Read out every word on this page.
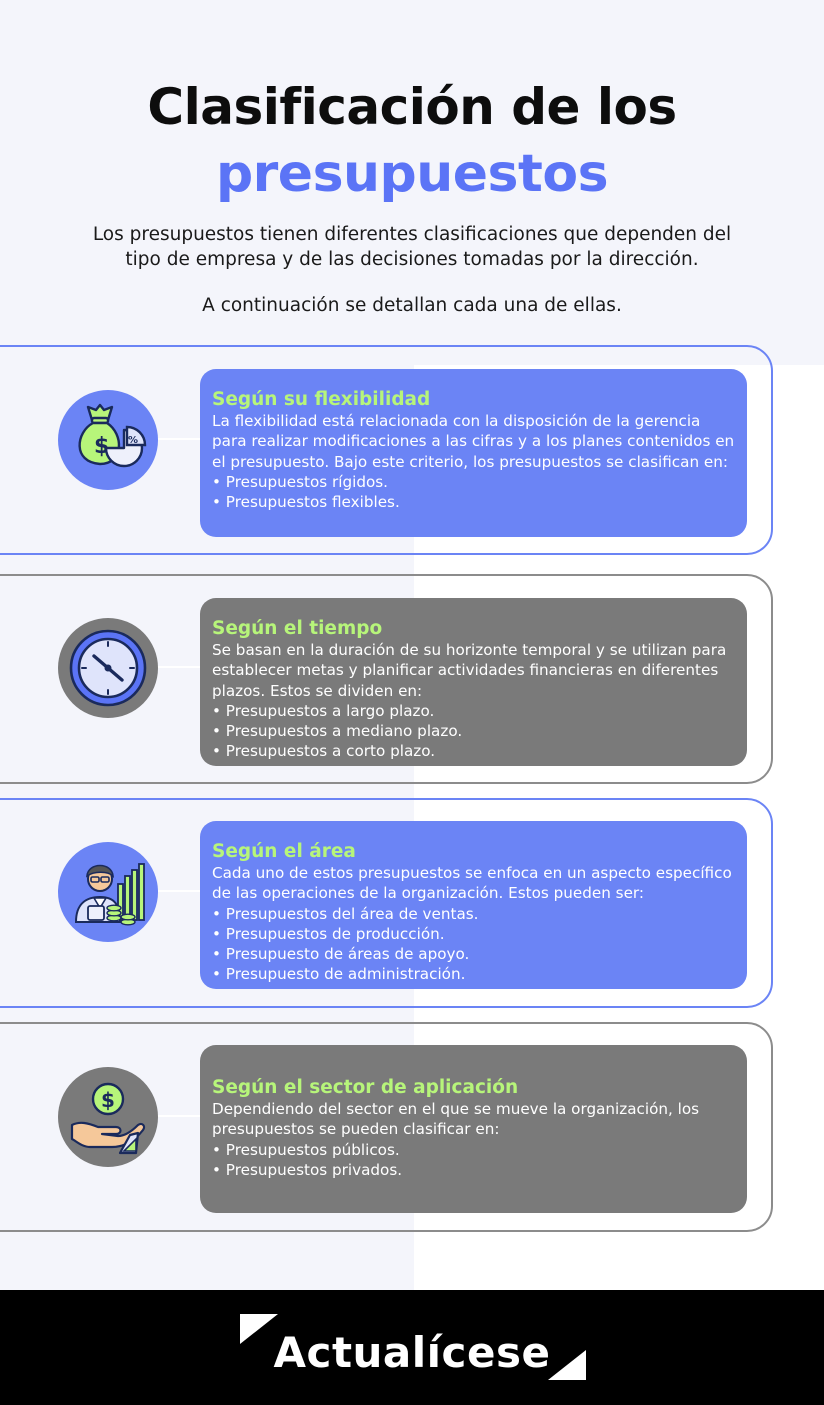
Clasificación de los
presupuestos

Los presupuestos tienen diferentes clasificaciones que dependen del tipo de empresa y de las decisiones tomadas por la dirección.

A continuación se detallan cada una de ellas.

$ %
Según su flexibilidad

La flexibilidad está relacionada con la disposición de la gerencia para realizar modificaciones a las cifras y a los planes contenidos en el presupuesto. Bajo este criterio, los presupuestos se clasifican en:

• Presupuestos rígidos.
• Presupuestos flexibles.
Según el tiempo

Se basan en la duración de su horizonte temporal y se utilizan para establecer metas y planificar actividades financieras en diferentes plazos. Estos se dividen en:

• Presupuestos a largo plazo.
• Presupuestos a mediano plazo.
• Presupuestos a corto plazo.
Según el área

Cada uno de estos presupuestos se enfoca en un aspecto específico de las operaciones de la organización. Estos pueden ser:

• Presupuestos del área de ventas.
• Presupuestos de producción.
• Presupuesto de áreas de apoyo.
• Presupuesto de administración.
$
Según el sector de aplicación

Dependiendo del sector en el que se mueve la organización, los presupuestos se pueden clasificar en:

• Presupuestos públicos.
• Presupuestos privados.
Actualícese
